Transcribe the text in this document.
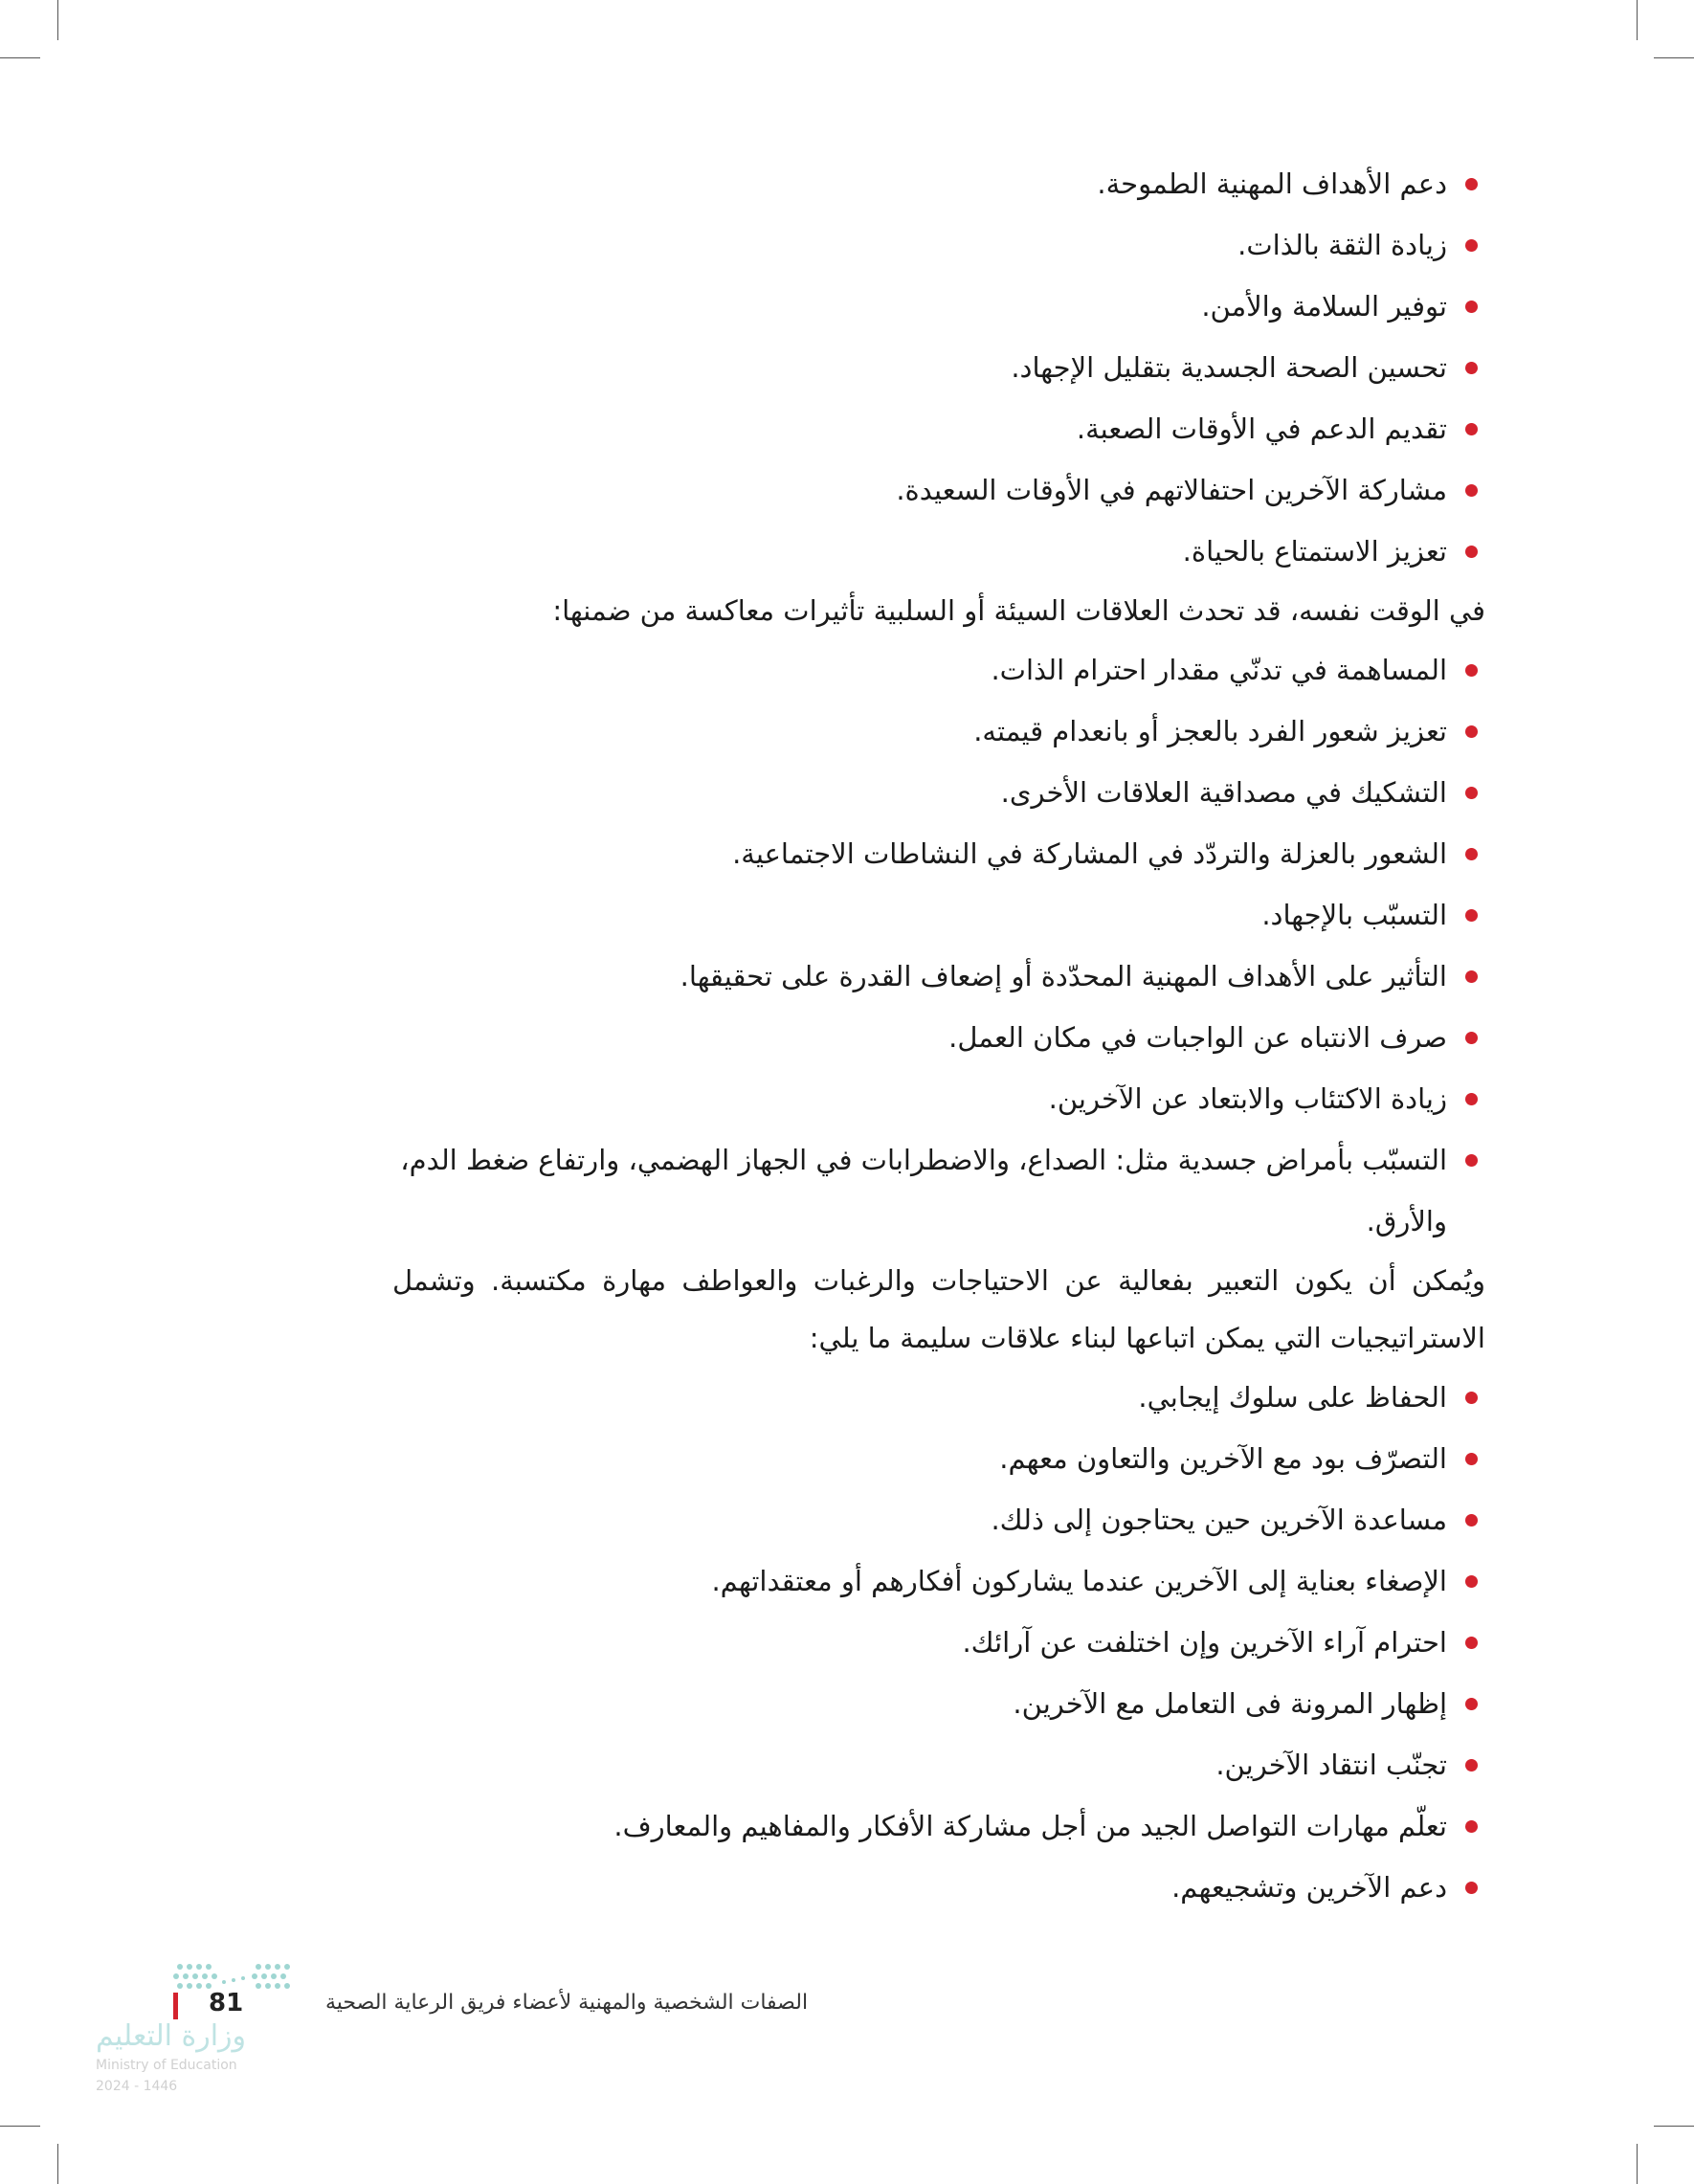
دعم الأهداف المهنية الطموحة.
زيادة الثقة بالذات.
توفير السلامة والأمن.
تحسين الصحة الجسدية بتقليل الإجهاد.
تقديم الدعم في الأوقات الصعبة.
مشاركة الآخرين احتفالاتهم في الأوقات السعيدة.
تعزيز الاستمتاع بالحياة.

في الوقت نفسه، قد تحدث العلاقات السيئة أو السلبية تأثيرات معاكسة من ضمنها:

المساهمة في تدنّي مقدار احترام الذات.
تعزيز شعور الفرد بالعجز أو بانعدام قيمته.
التشكيك في مصداقية العلاقات الأخرى.
الشعور بالعزلة والتردّد في المشاركة في النشاطات الاجتماعية.
التسبّب بالإجهاد.
التأثير على الأهداف المهنية المحدّدة أو إضعاف القدرة على تحقيقها.
صرف الانتباه عن الواجبات في مكان العمل.
زيادة الاكتئاب والابتعاد عن الآخرين.
التسبّب بأمراض جسدية مثل: الصداع، والاضطرابات في الجهاز الهضمي، وارتفاع ضغط الدم، والأرق.

ويُمكن أن يكون التعبير بفعالية عن الاحتياجات والرغبات والعواطف مهارة مكتسبة. وتشمل الاستراتيجيات التي يمكن اتباعها لبناء علاقات سليمة ما يلي:

الحفاظ على سلوك إيجابي.
التصرّف بود مع الآخرين والتعاون معهم.
مساعدة الآخرين حين يحتاجون إلى ذلك.
الإصغاء بعناية إلى الآخرين عندما يشاركون أفكارهم أو معتقداتهم.
احترام آراء الآخرين وإن اختلفت عن آرائك.
إظهار المرونة فى التعامل مع الآخرين.
تجنّب انتقاد الآخرين.
تعلّم مهارات التواصل الجيد من أجل مشاركة الأفكار والمفاهيم والمعارف.
دعم الآخرين وتشجيعهم.
وزارة التعليم
Ministry of Education
2024 - 1446
81	الصفات الشخصية والمهنية لأعضاء فريق الرعاية الصحية
